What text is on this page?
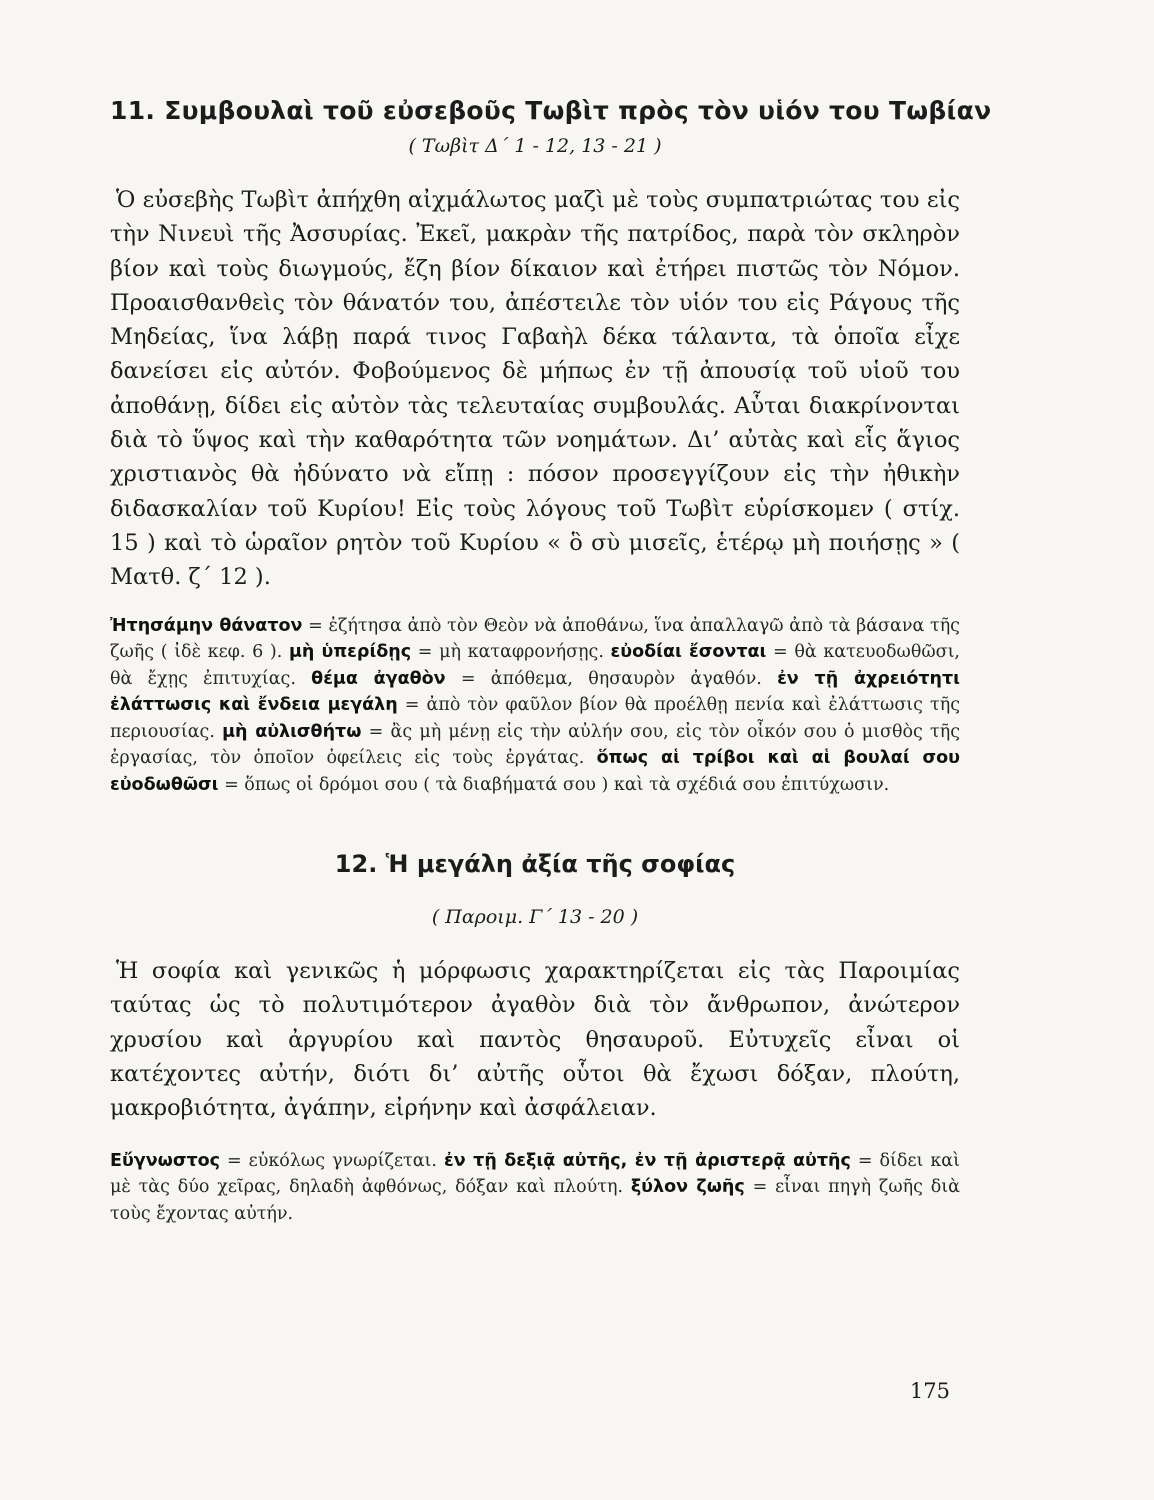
11. Συμβουλαὶ τοῦ εὐσεβοῦς Τωβὶτ πρὸς τὸν υἱόν του Τωβίαν
( Τωβὶτ Δ΄ 1 - 12, 13 - 21 )

Ὁ εὐσεβὴς Τωβὶτ ἀπήχθη αἰχμάλωτος μαζὶ μὲ τοὺς συμπατριώτας του εἰς τὴν Νινευὶ τῆς Ἀσσυρίας. Ἐκεῖ, μακρὰν τῆς πατρίδος, παρὰ τὸν σκληρὸν βίον καὶ τοὺς διωγμούς, ἔζη βίον δίκαιον καὶ ἐτήρει πιστῶς τὸν Νόμον. Προαισθανθεὶς τὸν θάνατόν του, ἀπέστειλε τὸν υἱόν του εἰς Ράγους τῆς Μηδείας, ἵνα λάβῃ παρά τινος Γαβαὴλ δέκα τάλαντα, τὰ ὁποῖα εἶχε δανείσει εἰς αὐτόν. Φοβούμενος δὲ μήπως ἐν τῇ ἀπουσίᾳ τοῦ υἱοῦ του ἀποθάνῃ, δίδει εἰς αὐτὸν τὰς τελευταίας συμβουλάς. Αὗται διακρίνονται διὰ τὸ ὕψος καὶ τὴν καθαρότητα τῶν νοημάτων. Δι’ αὐτὰς καὶ εἷς ἅγιος χριστιανὸς θὰ ἠδύνατο νὰ εἴπῃ : πόσον προσεγγίζουν εἰς τὴν ἠθικὴν διδασκαλίαν τοῦ Κυρίου! Εἰς τοὺς λόγους τοῦ Τωβὶτ εὑρίσκομεν ( στίχ. 15 ) καὶ τὸ ὡραῖον ρητὸν τοῦ Κυρίου « ὃ σὺ μισεῖς, ἑτέρῳ μὴ ποιήσῃς » ( Ματθ. ζ΄ 12 ).

Ἠτησάμην θάνατον = ἐζήτησα ἀπὸ τὸν Θεὸν νὰ ἀποθάνω, ἵνα ἀπαλλαγῶ ἀπὸ τὰ βάσανα τῆς ζωῆς ( ἰδὲ κεφ. 6 ). μὴ ὑπερίδῃς = μὴ καταφρονήσῃς. εὐοδίαι ἔσονται = θὰ κατευοδωθῶσι, θὰ ἔχῃς ἐπιτυχίας. θέμα ἀγαθὸν = ἀπόθεμα, θησαυρὸν ἀγαθόν. ἐν τῇ ἀχρειότητι ἐλάττωσις καὶ ἔνδεια μεγάλη = ἀπὸ τὸν φαῦλον βίον θὰ προέλθῃ πενία καὶ ἐλάττωσις τῆς περιουσίας. μὴ αὐλισθήτω = ἂς μὴ μένῃ εἰς τὴν αὐλήν σου, εἰς τὸν οἶκόν σου ὁ μισθὸς τῆς ἐργασίας, τὸν ὁποῖον ὀφείλεις εἰς τοὺς ἐργάτας. ὅπως αἱ τρίβοι καὶ αἱ βουλαί σου εὐοδωθῶσι = ὅπως οἱ δρόμοι σου ( τὰ διαβήματά σου ) καὶ τὰ σχέδιά σου ἐπιτύχωσιν.

12. Ἡ μεγάλη ἀξία τῆς σοφίας
( Παροιμ. Γ΄ 13 - 20 )

Ἡ σοφία καὶ γενικῶς ἡ μόρφωσις χαρακτηρίζεται εἰς τὰς Παροιμίας ταύτας ὡς τὸ πολυτιμότερον ἀγαθὸν διὰ τὸν ἄνθρωπον, ἀνώτερον χρυσίου καὶ ἀργυρίου καὶ παντὸς θησαυροῦ. Εὐτυχεῖς εἶναι οἱ κατέχοντες αὐτήν, διότι δι’ αὐτῆς οὗτοι θὰ ἔχωσι δόξαν, πλούτη, μακροβιότητα, ἀγάπην, εἰρήνην καὶ ἀσφάλειαν.

Εὔγνωστος = εὐκόλως γνωρίζεται. ἐν τῇ δεξιᾷ αὐτῆς, ἐν τῇ ἀριστερᾷ αὐτῆς = δίδει καὶ μὲ τὰς δύο χεῖρας, δηλαδὴ ἀφθόνως, δόξαν καὶ πλούτη. ξύλον ζωῆς = εἶναι πηγὴ ζωῆς διὰ τοὺς ἔχοντας αὐτήν.

175
